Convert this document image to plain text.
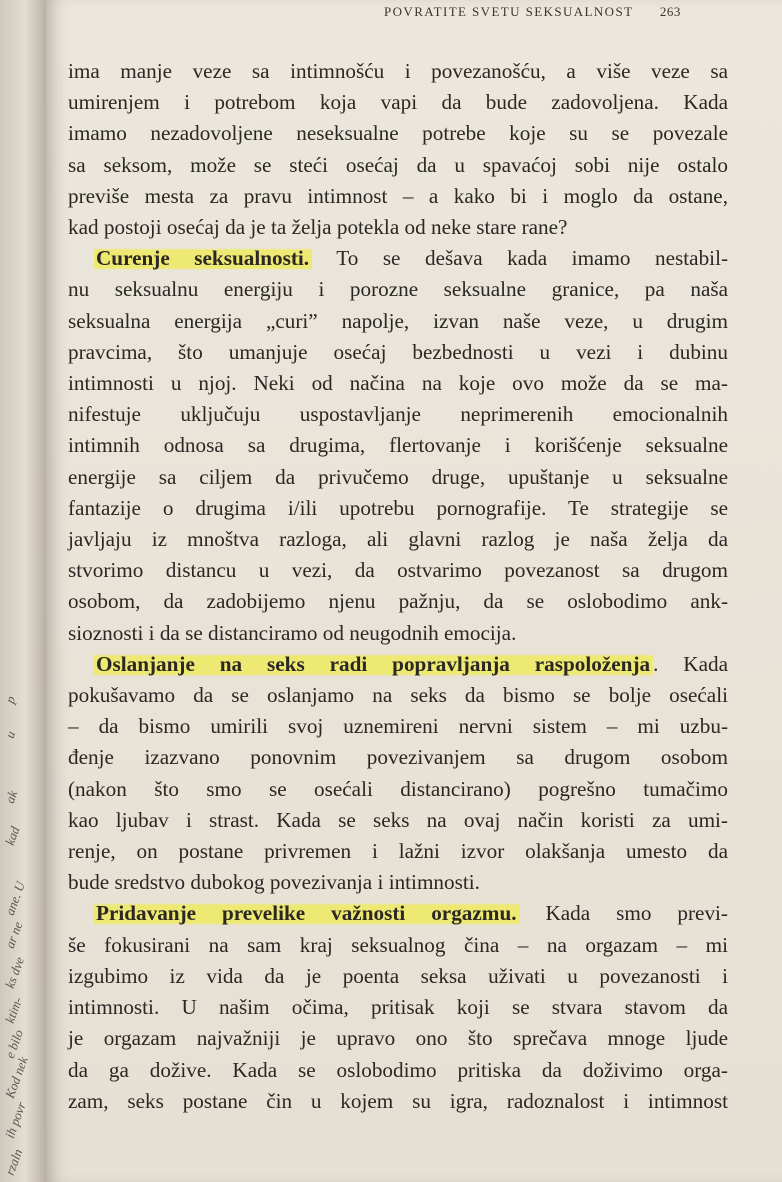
p
u
ak
kad
ane. U
ar ne
ks dve
ktim-
e bilo
Kod nek
ih povr
rzaln
POVRATITE SVETU SEKSUALNOST 263
ima manje veze sa intimnošću i povezanošću, a više veze sa
umirenjem i potrebom koja vapi da bude zadovoljena. Kada
imamo nezadovoljene neseksualne potrebe koje su se povezale
sa seksom, može se steći osećaj da u spavaćoj sobi nije ostalo
previše mesta za pravu intimnost – a kako bi i moglo da ostane,
kad postoji osećaj da je ta želja potekla od neke stare rane?
Curenje seksualnosti. To se dešava kada imamo nestabil-
nu seksualnu energiju i porozne seksualne granice, pa naša
seksualna energija „curi” napolje, izvan naše veze, u drugim
pravcima, što umanjuje osećaj bezbednosti u vezi i dubinu
intimnosti u njoj. Neki od načina na koje ovo može da se ma-
nifestuje uključuju uspostavljanje neprimerenih emocionalnih
intimnih odnosa sa drugima, flertovanje i korišćenje seksualne
energije sa ciljem da privučemo druge, upuštanje u seksualne
fantazije o drugima i/ili upotrebu pornografije. Te strategije se
javljaju iz mnoštva razloga, ali glavni razlog je naša želja da
stvorimo distancu u vezi, da ostvarimo povezanost sa drugom
osobom, da zadobijemo njenu pažnju, da se oslobodimo ank-
sioznosti i da se distanciramo od neugodnih emocija.
Oslanjanje na seks radi popravljanja raspoloženja . Kada
pokušavamo da se oslanjamo na seks da bismo se bolje osećali
– da bismo umirili svoj uznemireni nervni sistem – mi uzbu-
đenje izazvano ponovnim povezivanjem sa drugom osobom
(nakon što smo se osećali distancirano) pogrešno tumačimo
kao ljubav i strast. Kada se seks na ovaj način koristi za umi-
renje, on postane privremen i lažni izvor olakšanja umesto da
bude sredstvo dubokog povezivanja i intimnosti.
Pridavanje prevelike važnosti orgazmu. Kada smo previ-
še fokusirani na sam kraj seksualnog čina – na orgazam – mi
izgubimo iz vida da je poenta seksa uživati u povezanosti i
intimnosti. U našim očima, pritisak koji se stvara stavom da
je orgazam najvažniji je upravo ono što sprečava mnoge ljude
da ga dožive. Kada se oslobodimo pritiska da doživimo orga-
zam, seks postane čin u kojem su igra, radoznalost i intimnost
